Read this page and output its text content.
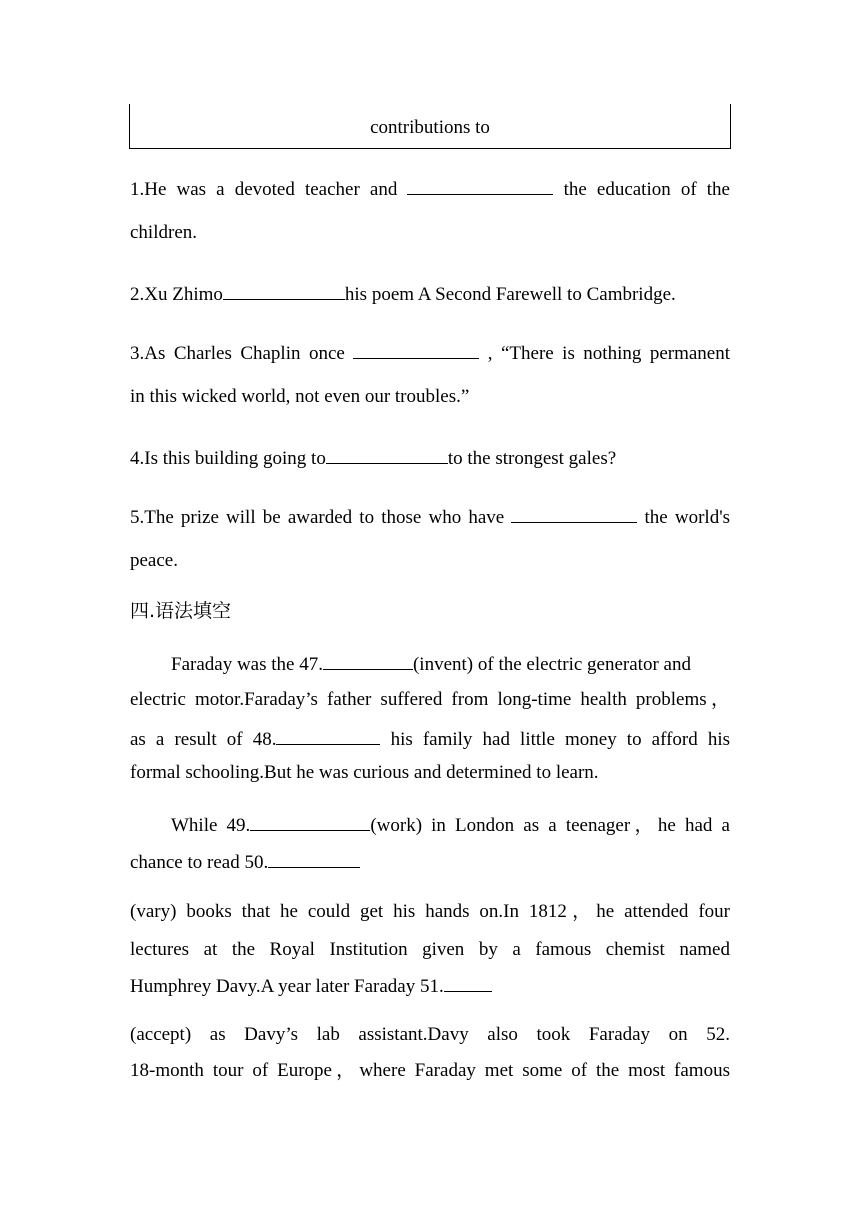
contributions to
1.He was a devoted teacher and	the education of the
children.
2.Xu Zhimo	his poem A Second Farewell to Cambridge.
3.As Charles Chaplin once	, “There is nothing permanent
in this wicked world, not even our troubles.”
4.Is this building going to	to the strongest gales?
5.The prize will be awarded to those who have	the world's
peace.
四.语法填空
Faraday was the 47.	(invent) of the electric generator and
electric motor.Faraday’s father suffered from long-time health problems，
as a result of 48.	his family had little money to afford his
formal schooling.But he was curious and determined to learn.
While 49.	(work) in London as a teenager，he had a
chance to read 50.
(vary) books that he could get his hands on.In 1812，he attended four
lectures at the Royal Institution given by a famous chemist named
Humphrey Davy.A year later Faraday 51.
(accept) as Davy’s lab assistant.Davy also took Faraday on 52.
18-month tour of Europe，where Faraday met some of the most famous
